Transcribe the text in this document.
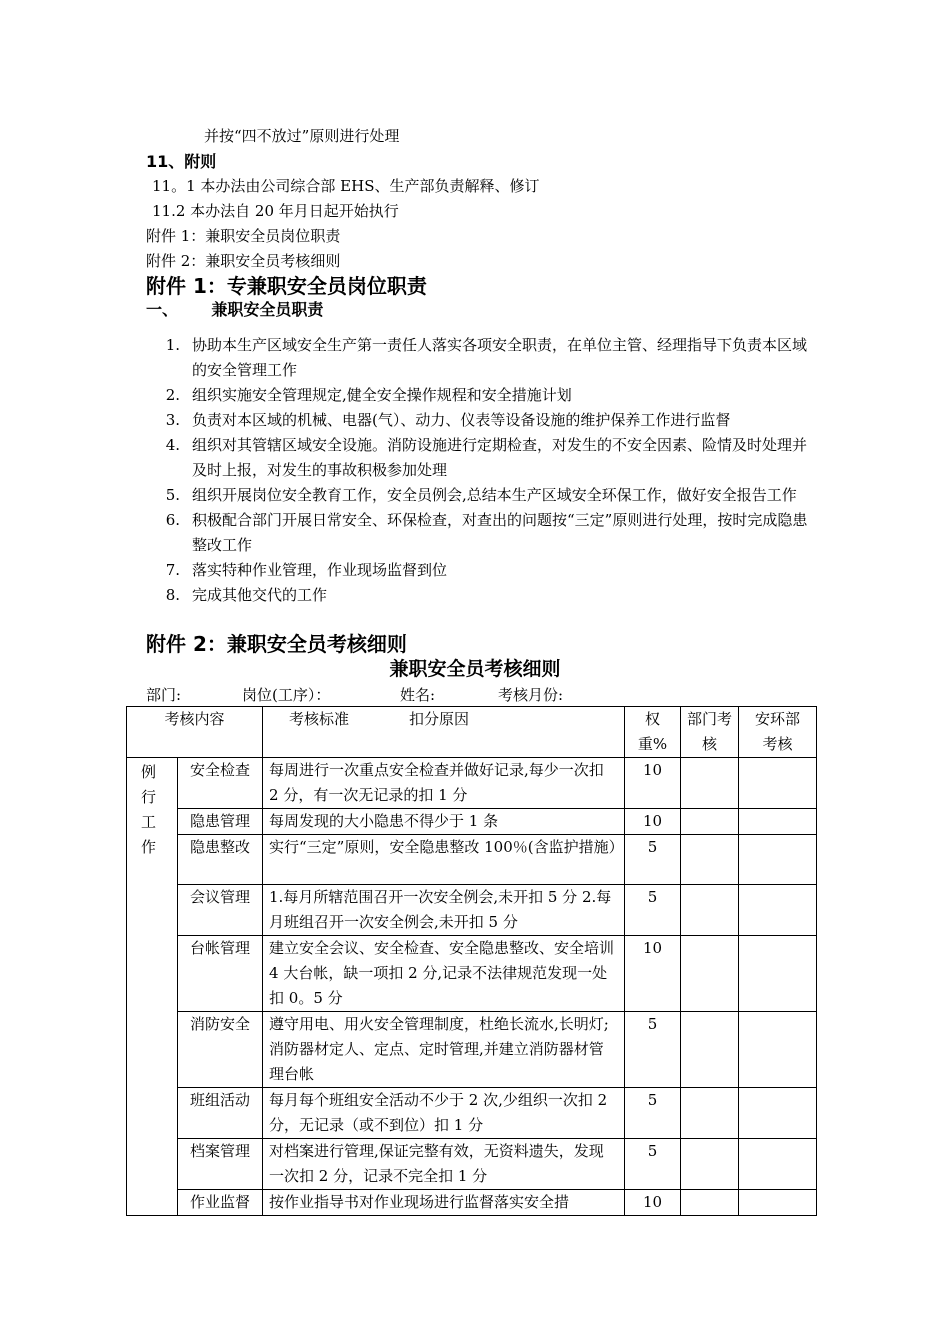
并按“四不放过”原则进行处理
11、附则
11。1 本办法由公司综合部 EHS、生产部负责解释、修订
11.2 本办法自 20 年月日起开始执行
附件 1：兼职安全员岗位职责
附件 2：兼职安全员考核细则
附件 1：专兼职安全员岗位职责
一、      兼职安全员职责
1. 协助本生产区域安全生产第一责任人落实各项安全职责，在单位主管、经理指导下负责本区域的安全管理工作
2. 组织实施安全管理规定,健全安全操作规程和安全措施计划
3. 负责对本区域的机械、电器(气）、动力、仪表等设备设施的维护保养工作进行监督
4. 组织对其管辖区域安全设施。消防设施进行定期检查，对发生的不安全因素、险情及时处理并及时上报，对发生的事故积极参加处理
5. 组织开展岗位安全教育工作，安全员例会,总结本生产区域安全环保工作，做好安全报告工作
6. 积极配合部门开展日常安全、环保检查，对查出的问题按“三定”原则进行处理，按时完成隐患整改工作
7. 落实特种作业管理，作业现场监督到位
8. 完成其他交代的工作
附件 2：兼职安全员考核细则
兼职安全员考核细则
部门:	岗位(工序）：	姓名:	考核月份:
考核内容		考核标准 扣分原因	权重%	部门考核	安环部考核

例行工作	安全检查	每周进行一次重点安全检查并做好记录,每少一次扣 2 分，有一次无记录的扣 1 分	10		
	隐患管理	每周发现的大小隐患不得少于 1 条	10		
	隐患整改	实行“三定”原则，安全隐患整改 100％(含监护措施）	5		
	会议管理	1.每月所辖范围召开一次安全例会,未开扣 5 分 2.每月班组召开一次安全例会,未开扣 5 分	5		
	台帐管理	建立安全会议、安全检查、安全隐患整改、安全培训 4 大台帐，缺一项扣 2 分,记录不法律规范发现一处扣 0。5 分	10		
	消防安全	遵守用电、用火安全管理制度，杜绝长流水,长明灯;消防器材定人、定点、定时管理,并建立消防器材管理台帐	5		
	班组活动	每月每个班组安全活动不少于 2 次,少组织一次扣 2 分，无记录（或不到位）扣 1 分	5		
	档案管理	对档案进行管理,保证完整有效，无资料遗失，发现一次扣 2 分，记录不完全扣 1 分	5		
	作业监督	按作业指导书对作业现场进行监督落实安全措	10		
